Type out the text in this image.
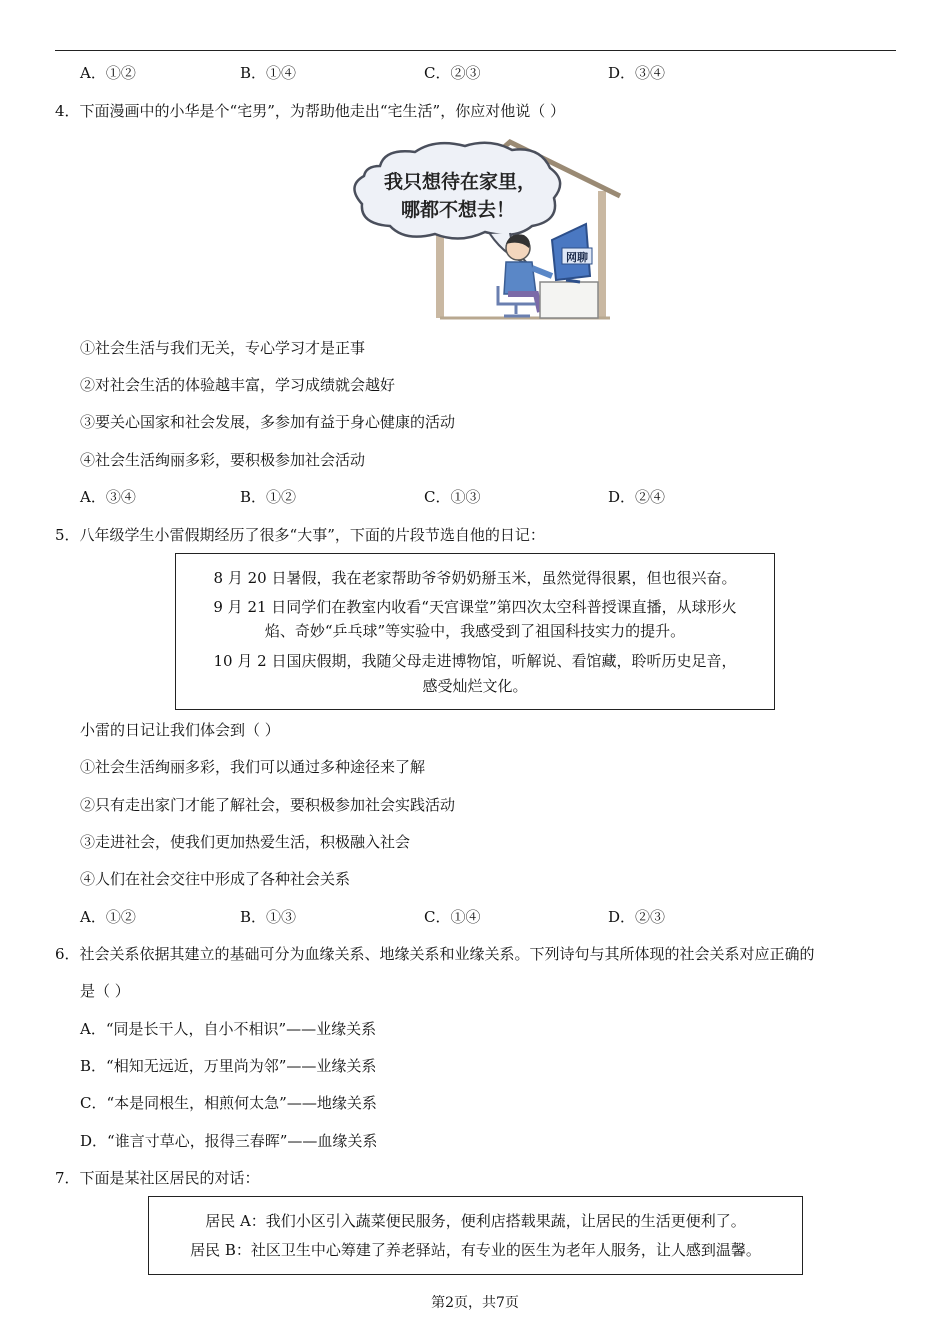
A．①②	B．①④	C．②③	D．③④
4．下面漫画中的小华是个“宅男”，为帮助他走出“宅生活”，你应对他说（ ）
我只想待在家里，
哪都不想去！
网聊
①社会生活与我们无关，专心学习才是正事
②对社会生活的体验越丰富，学习成绩就会越好
③要关心国家和社会发展，多参加有益于身心健康的活动
④社会生活绚丽多彩，要积极参加社会活动
A．③④	B．①②	C．①③	D．②④
5．八年级学生小雷假期经历了很多“大事”，下面的片段节选自他的日记：
8 月 20 日暑假，我在老家帮助爷爷奶奶掰玉米，虽然觉得很累，但也很兴奋。
9 月 21 日同学们在教室内收看“天宫课堂”第四次太空科普授课直播，从球形火
焰、奇妙“乒乓球”等实验中，我感受到了祖国科技实力的提升。
10 月 2 日国庆假期，我随父母走进博物馆，听解说、看馆藏，聆听历史足音，
感受灿烂文化。
小雷的日记让我们体会到（ ）
①社会生活绚丽多彩，我们可以通过多种途径来了解
②只有走出家门才能了解社会，要积极参加社会实践活动
③走进社会，使我们更加热爱生活，积极融入社会
④人们在社会交往中形成了各种社会关系
A．①②	B．①③	C．①④	D．②③
6．社会关系依据其建立的基础可分为血缘关系、地缘关系和业缘关系。下列诗句与其所体现的社会关系对应正确的
是（ ）
A．“同是长干人，自小不相识”——业缘关系
B．“相知无远近，万里尚为邻”——业缘关系
C．“本是同根生，相煎何太急”——地缘关系
D．“谁言寸草心，报得三春晖”——血缘关系
7．下面是某社区居民的对话：
居民 A：我们小区引入蔬菜便民服务，便利店搭载果蔬，让居民的生活更便利了。
居民 B：社区卫生中心筹建了养老驿站，有专业的医生为老年人服务，让人感到温馨。
第2页，共7页
